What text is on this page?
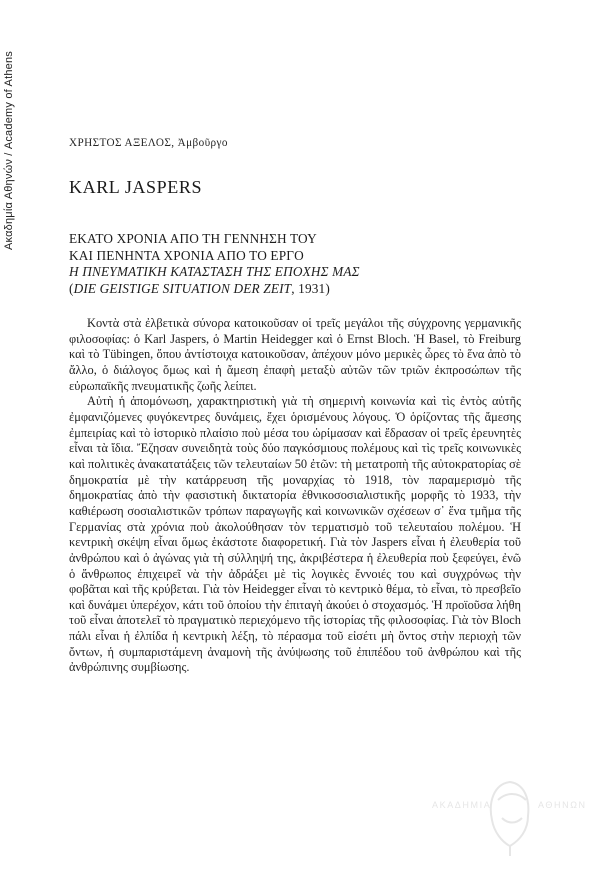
Ακαδημία Αθηνών / Academy of Athens	ΧΡΗΣΤΟΣ ΑΞΕΛΟΣ, Ἀμβοῦργο
KARL JASPERS
ΕΚΑΤΟ ΧΡΟΝΙΑ ΑΠΟ ΤΗ ΓΕΝΝΗΣΗ ΤΟΥ
ΚΑΙ ΠΕΝΗΝΤΑ ΧΡΟΝΙΑ ΑΠΟ ΤΟ ΕΡΓΟ
Η ΠΝΕΥΜΑΤΙΚΗ ΚΑΤΑΣΤΑΣΗ ΤΗΣ ΕΠΟΧΗΣ ΜΑΣ
(DIE GEISTIGE SITUATION DER ZEIT, 1931)

Κοντὰ στὰ ἐλβετικὰ σύνορα κατοικοῦσαν οἱ τρεῖς μεγάλοι τῆς σύγχρονης γερμανικῆς φιλοσοφίας: ὁ Karl Jaspers, ὁ Martin Heidegger καὶ ὁ Ernst Bloch. Ἡ Basel, τὸ Freiburg καὶ τὸ Tübingen, ὅπου ἀντίστοιχα κατοικοῦσαν, ἀπέχουν μόνο μερικὲς ὧρες τὸ ἕνα ἀπὸ τὸ ἄλλο, ὁ διάλογος ὅμως καὶ ἡ ἄμεση ἐπαφὴ μεταξὺ αὐτῶν τῶν τριῶν ἐκπροσώπων τῆς εὐρωπαϊκῆς πνευματικῆς ζωῆς λείπει.

Αὐτὴ ἡ ἀπομόνωση, χαρακτηριστικὴ γιὰ τὴ σημερινὴ κοινωνία καὶ τὶς ἐντὸς αὐτῆς ἐμφανιζόμενες φυγόκεντρες δυνάμεις, ἔχει ὁρισμένους λόγους. Ὁ ὁρίζοντας τῆς ἄμεσης ἐμπειρίας καὶ τὸ ἱστορικὸ πλαίσιο ποὺ μέσα του ὡρίμασαν καὶ ἔδρασαν οἱ τρεῖς ἐρευνητὲς εἶναι τὰ ἴδια. Ἔζησαν συνειδητὰ τοὺς δύο παγκόσμιους πολέμους καὶ τὶς τρεῖς κοινωνικὲς καὶ πολιτικὲς ἀνακατατάξεις τῶν τελευταίων 50 ἐτῶν: τὴ μετατροπὴ τῆς αὐτοκρατορίας σὲ δημοκρατία μὲ τὴν κατάρρευση τῆς μοναρχίας τὸ 1918, τὸν παραμερισμὸ τῆς δημοκρατίας ἀπὸ τὴν φασιστικὴ δικτατορία ἐθνικοσοσιαλιστικῆς μορφῆς τὸ 1933, τὴν καθιέρωση σοσιαλιστικῶν τρόπων παραγωγῆς καὶ κοινωνικῶν σχέσεων σ᾽ ἕνα τμῆμα τῆς Γερμανίας στὰ χρόνια ποὺ ἀκολούθησαν τὸν τερματισμὸ τοῦ τελευταίου πολέμου. Ἡ κεντρικὴ σκέψη εἶναι ὅμως ἑκάστοτε διαφορετική. Γιὰ τὸν Jaspers εἶναι ἡ ἐλευθερία τοῦ ἀνθρώπου καὶ ὁ ἀγώνας γιὰ τὴ σύλληψή της, ἀκριβέστερα ἡ ἐλευθερία ποὺ ξεφεύγει, ἐνῶ ὁ ἄνθρωπος ἐπιχειρεῖ νὰ τὴν ἀδράξει μὲ τὶς λογικὲς ἔννοιές του καὶ συγχρόνως τὴν φοβᾶται καὶ τῆς κρύβεται. Γιὰ τὸν Heidegger εἶναι τὸ κεντρικὸ θέμα, τὸ εἶναι, τὸ πρεσβεῖο καὶ δυνάμει ὑπερέχον, κάτι τοῦ ὁποίου τὴν ἐπιταγὴ ἀκούει ὁ στοχασμός. Ἡ προϊοῦσα λήθη τοῦ εἶναι ἀποτελεῖ τὸ πραγματικὸ περιεχόμενο τῆς ἱστορίας τῆς φιλοσοφίας. Γιὰ τὸν Bloch πάλι εἶναι ἡ ἐλπίδα ἡ κεντρικὴ λέξη, τὸ πέρασμα τοῦ εἰσέτι μὴ ὄντος στὴν περιοχὴ τῶν ὄντων, ἡ συμπαριστάμενη ἀναμονὴ τῆς ἀνύψωσης τοῦ ἐπιπέδου τοῦ ἀνθρώπου καὶ τῆς ἀνθρώπινης συμβίωσης.

ΑΚΑΔΗΜΙΑ	ΑΘΗΝΩΝ
